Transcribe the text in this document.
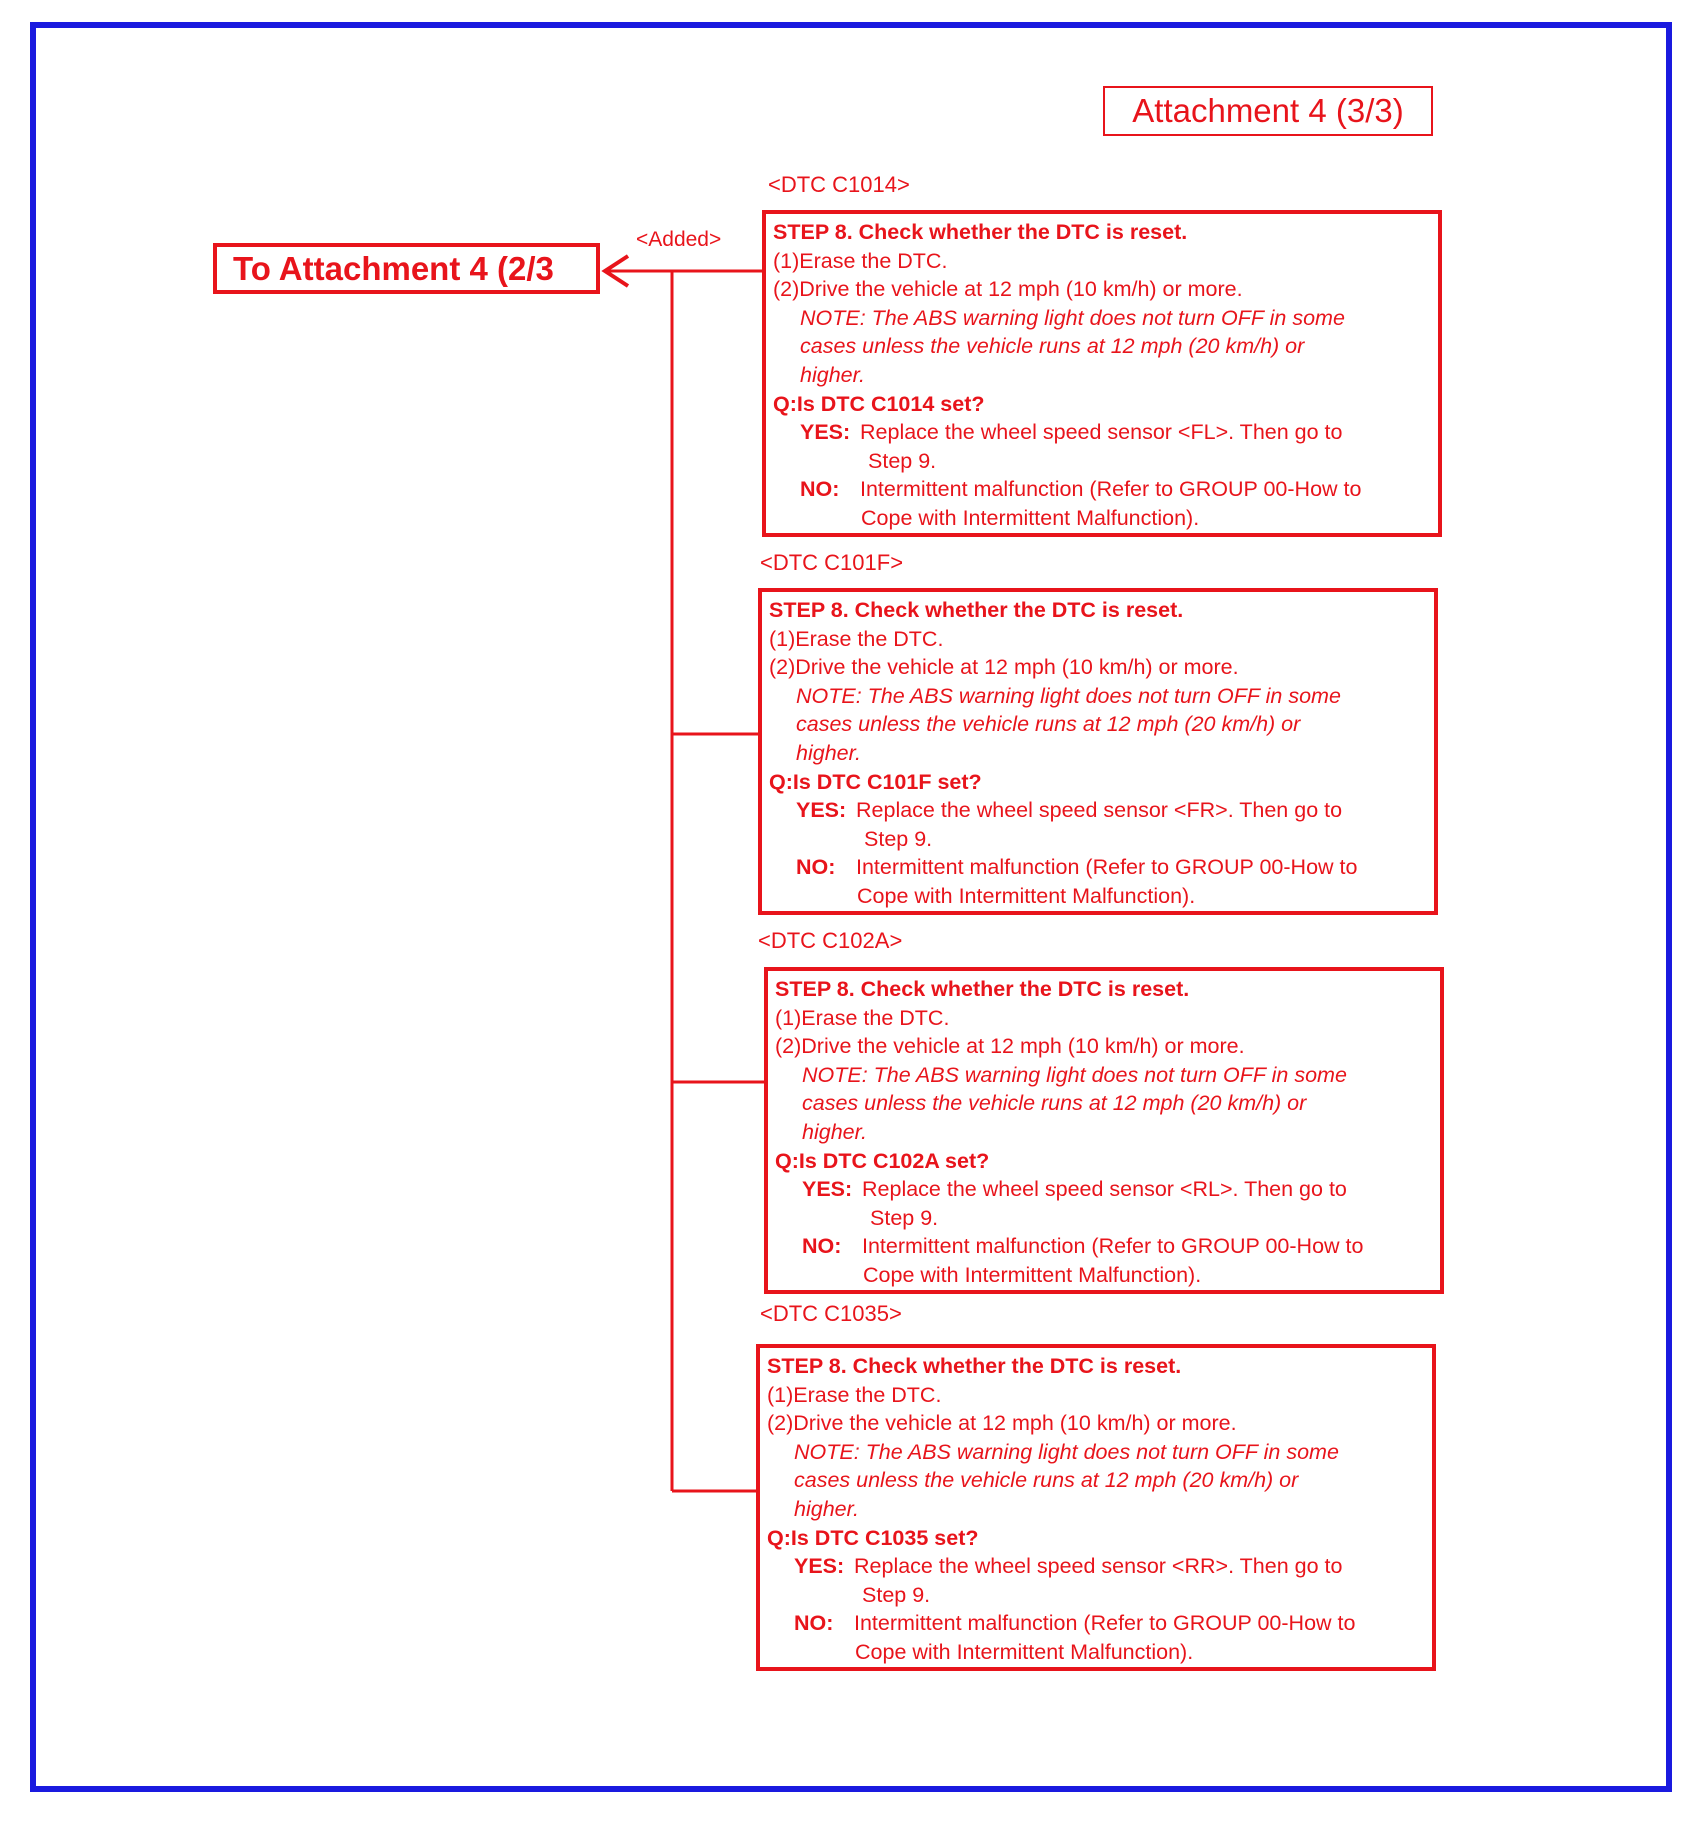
Attachment 4 (3/3)
To Attachment 4 (2/3
<Added>
<DTC C1014>
STEP 8. Check whether the DTC is reset.
(1)Erase the DTC.
(2)Drive the vehicle at 12 mph (10 km/h) or more.
NOTE: The ABS warning light does not turn OFF in some
cases unless the vehicle runs at 12 mph (20 km/h) or
higher.
Q:Is DTC C1014 set?
YES: Replace the wheel speed sensor <FL>. Then go to
Step 9.
NO: Intermittent malfunction (Refer to GROUP 00-How to
Cope with Intermittent Malfunction).
<DTC C101F>
STEP 8. Check whether the DTC is reset.
(1)Erase the DTC.
(2)Drive the vehicle at 12 mph (10 km/h) or more.
NOTE: The ABS warning light does not turn OFF in some
cases unless the vehicle runs at 12 mph (20 km/h) or
higher.
Q:Is DTC C101F set?
YES: Replace the wheel speed sensor <FR>. Then go to
Step 9.
NO: Intermittent malfunction (Refer to GROUP 00-How to
Cope with Intermittent Malfunction).
<DTC C102A>
STEP 8. Check whether the DTC is reset.
(1)Erase the DTC.
(2)Drive the vehicle at 12 mph (10 km/h) or more.
NOTE: The ABS warning light does not turn OFF in some
cases unless the vehicle runs at 12 mph (20 km/h) or
higher.
Q:Is DTC C102A set?
YES: Replace the wheel speed sensor <RL>. Then go to
Step 9.
NO: Intermittent malfunction (Refer to GROUP 00-How to
Cope with Intermittent Malfunction).
<DTC C1035>
STEP 8. Check whether the DTC is reset.
(1)Erase the DTC.
(2)Drive the vehicle at 12 mph (10 km/h) or more.
NOTE: The ABS warning light does not turn OFF in some
cases unless the vehicle runs at 12 mph (20 km/h) or
higher.
Q:Is DTC C1035 set?
YES: Replace the wheel speed sensor <RR>. Then go to
Step 9.
NO: Intermittent malfunction (Refer to GROUP 00-How to
Cope with Intermittent Malfunction).
